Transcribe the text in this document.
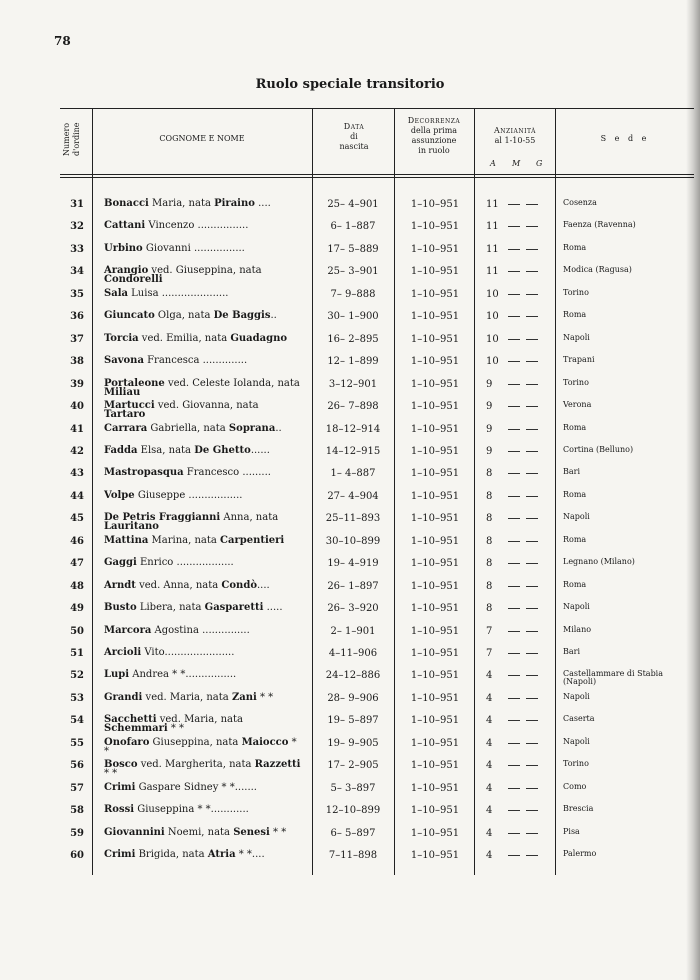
78
Ruolo speciale transitorio
Numero d'ordine	COGNOME E NOME
Data
di
nascita
Decorrenza
della prima
assunzione
in ruolo
Anzianità
al 1-10-55
A M G
S e d e
31 Bonacci Maria, nata Piraino ....	25– 4–901	1–10–951	11	Cosenza
32 Cattani Vincenzo ................	6– 1–887	1–10–951	11	Faenza (Ravenna)
33 Urbino Giovanni ................	17– 5–889	1–10–951	11	Roma
34 Arangio ved. Giuseppina, nata Condorelli
25– 3–901	1–10–951	11	Modica (Ragusa)
35 Sala Luisa .....................	7– 9–888	1–10–951	10	Torino
36 Giuncato Olga, nata De Baggis..	30– 1–900	1–10–951	10	Roma
37 Torcia ved. Emilia, nata Guadagno	16– 2–895	1–10–951	10	Napoli
38 Savona Francesca ..............	12– 1–899	1–10–951	10	Trapani
39 Portaleone ved. Celeste Iolanda, nata Miliau
3–12–901	1–10–951	9	Torino
40 Martucci ved. Giovanna, nata Tartaro
26– 7–898	1–10–951	9	Verona
41 Carrara Gabriella, nata Soprana..	18–12–914	1–10–951	9	Roma
42 Fadda Elsa, nata De Ghetto......	14–12–915	1–10–951	9	Cortina (Belluno)
43 Mastropasqua Francesco .........	1– 4–887	1–10–951	8	Bari
44 Volpe Giuseppe .................	27– 4–904	1–10–951	8	Roma
45 De Petris Fraggianni Anna, nata Lauritano
25–11–893	1–10–951	8	Napoli
46 Mattina Marina, nata Carpentieri	30–10–899	1–10–951	8	Roma
47 Gaggi Enrico ..................	19– 4–919	1–10–951	8	Legnano (Milano)
48 Arndt ved. Anna, nata Condò....	26– 1–897	1–10–951	8	Roma
49 Busto Libera, nata Gasparetti .....	26– 3–920	1–10–951	8	Napoli
50 Marcora Agostina ...............	2– 1–901	1–10–951	7	Milano
51 Arcioli Vito......................	4–11–906	1–10–951	7	Bari
52 Lupi Andrea * *................	24–12–886	1–10–951	4	Castellammare di Stabia (Napoli)
53 Grandi ved. Maria, nata Zani * *	28– 9–906	1–10–951	4	Napoli
54 Sacchetti ved. Maria, nata Schemmari * *
19– 5–897	1–10–951	4	Caserta
55 Onofaro Giuseppina, nata Maiocco * *
19– 9–905	1–10–951	4	Napoli
56 Bosco ved. Margherita, nata Razzetti * *
17– 2–905	1–10–951	4	Torino
57 Crimi Gaspare Sidney * *.......	5– 3–897	1–10–951	4	Como
58 Rossi Giuseppina * *............	12–10–899	1–10–951	4	Brescia
59 Giovannini Noemi, nata Senesi * *	6– 5–897	1–10–951	4	Pisa
60 Crimi Brigida, nata Atria * *....	7–11–898	1–10–951	4	Palermo
